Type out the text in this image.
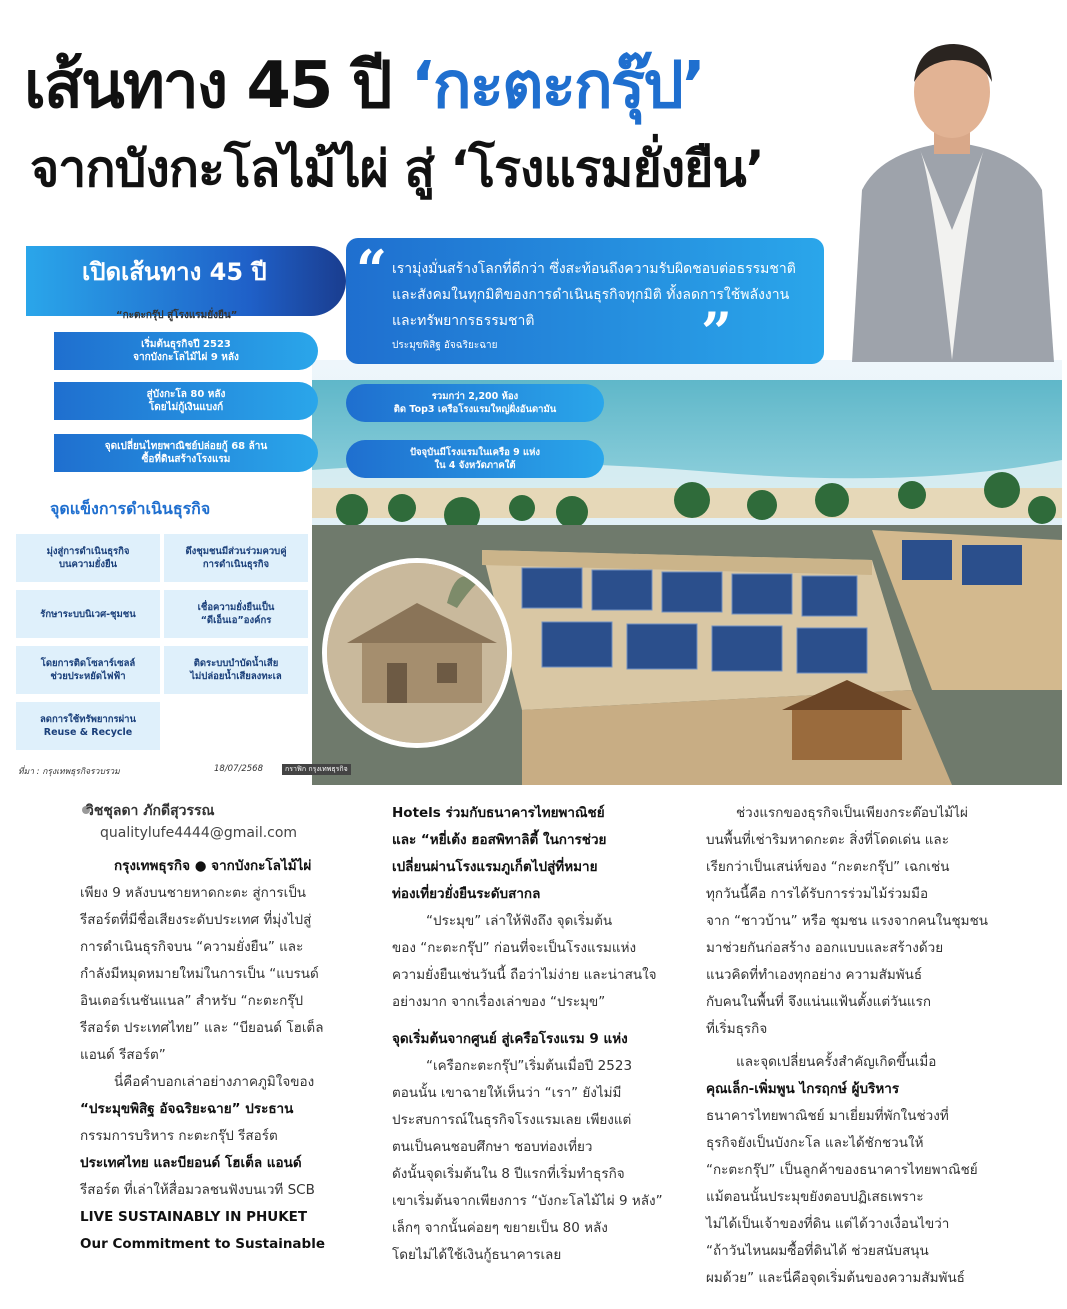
เส้นทาง 45 ปี ‘กะตะกรุ๊ป’
จากบังกะโลไม้ไผ่ สู่ ‘โรงแรมยั่งยืน’
เปิดเส้นทาง 45 ปี
“กะตะกรุ๊ป สู่โรงแรมยั่งยืน”
เริ่มต้นธุรกิจปี 2523
จากบังกะโลไม้ไผ่ 9 หลัง
สู่บังกะโล 80 หลัง
โดยไม่กู้เงินแบงก์
จุดเปลี่ยนไทยพาณิชย์ปล่อยกู้ 68 ล้าน
ซื้อที่ดินสร้างโรงแรม
จุดแข็งการดำเนินธุรกิจ
มุ่งสู่การดำเนินธุรกิจ
บนความยั่งยืน
ดึงชุมชนมีส่วนร่วมควบคู่
การดำเนินธุรกิจ
รักษาระบบนิเวศ-ชุมชน
เชื่อความยั่งยืนเป็น
“ดีเอ็นเอ”องค์กร
โดยการติดโซลาร์เซลล์
ช่วยประหยัดไฟฟ้า
ติดระบบบำบัดน้ำเสีย
ไม่ปล่อยน้ำเสียลงทะเล
ลดการใช้ทรัพยากรผ่าน
Reuse & Recycle
“ เรามุ่งมั่นสร้างโลกที่ดีกว่า ซึ่งสะท้อนถึงความรับผิดชอบต่อธรรมชาติและสังคมในทุกมิติของการดำเนินธุรกิจทุกมิติ ทั้งลดการใช้พลังงานและทรัพยากรธรรมชาติ
ประมุขพิสิฐ อัจฉริยะฉาย	”
รวมกว่า 2,200 ห้อง
ติด Top3 เครือโรงแรมใหญ่ฝั่งอันดามัน
ปัจจุบันมีโรงแรมในเครือ 9 แห่ง
ใน 4 จังหวัดภาคใต้
ที่มา : กรุงเทพธุรกิจรวบรวม	18/07/2568	กราฟิก กรุงเทพธุรกิจ
วิชชุลดา ภักดีสุวรรณ
qualitylufe4444@gmail.com
กรุงเทพธุรกิจ ● จากบังกะโลไม้ไผ่
เพียง 9 หลังบนชายหาดกะตะ สู่การเป็น
รีสอร์ตที่มีชื่อเสียงระดับประเทศ ที่มุ่งไปสู่
การดำเนินธุรกิจบน “ความยั่งยืน” และ
กำลังมีหมุดหมายใหม่ในการเป็น “แบรนด์
อินเตอร์เนชันแนล” สำหรับ “กะตะกรุ๊ป
รีสอร์ต ประเทศไทย” และ “บียอนด์ โฮเต็ล
แอนด์ รีสอร์ต”
นี่คือคำบอกเล่าอย่างภาคภูมิใจของ
“ประมุขพิสิฐ อัจฉริยะฉาย” ประธาน
กรรมการบริหาร กะตะกรุ๊ป รีสอร์ต
ประเทศไทย และบียอนด์ โฮเต็ล แอนด์
รีสอร์ต ที่เล่าให้สื่อมวลชนฟังบนเวที SCB
LIVE SUSTAINABLY IN PHUKET
Our Commitment to Sustainable
Hotels ร่วมกับธนาคารไทยพาณิชย์
และ “หยี่เต้ง ฮอสพิทาลิตี้ ในการช่วย
เปลี่ยนผ่านโรงแรมภูเก็ตไปสู่ที่หมาย
ท่องเที่ยวยั่งยืนระดับสากล
“ประมุข” เล่าให้ฟังถึง จุดเริ่มต้น
ของ “กะตะกรุ๊ป” ก่อนที่จะเป็นโรงแรมแห่ง
ความยั่งยืนเช่นวันนี้ ถือว่าไม่ง่าย และน่าสนใจ
อย่างมาก จากเรื่องเล่าของ “ประมุข”
จุดเริ่มต้นจากศูนย์ สู่เครือโรงแรม 9 แห่ง
“เครือกะตะกรุ๊ป”เริ่มต้นเมื่อปี 2523
ตอนนั้น เขาฉายให้เห็นว่า “เรา” ยังไม่มี
ประสบการณ์ในธุรกิจโรงแรมเลย เพียงแต่
ตนเป็นคนชอบศึกษา ชอบท่องเที่ยว
ดังนั้นจุดเริ่มต้นใน 8 ปีแรกที่เริ่มทำธุรกิจ
เขาเริ่มต้นจากเพียงการ “บังกะโลไม้ไผ่ 9 หลัง”
เล็กๆ จากนั้นค่อยๆ ขยายเป็น 80 หลัง
โดยไม่ได้ใช้เงินกู้ธนาคารเลย
ช่วงแรกของธุรกิจเป็นเพียงกระต๊อบไม้ไผ่
บนพื้นที่เช่าริมหาดกะตะ สิ่งที่โดดเด่น และ
เรียกว่าเป็นเสน่ห์ของ “กะตะกรุ๊ป” เฉกเช่น
ทุกวันนี้คือ การได้รับการร่วมไม้ร่วมมือ
จาก “ชาวบ้าน” หรือ ชุมชน แรงจากคนในชุมชน
มาช่วยกันก่อสร้าง ออกแบบและสร้างด้วย
แนวคิดที่ทำเองทุกอย่าง ความสัมพันธ์
กับคนในพื้นที่ จึงแน่นแฟ้นตั้งแต่วันแรก
ที่เริ่มธุรกิจ
และจุดเปลี่ยนครั้งสำคัญเกิดขึ้นเมื่อ
คุณเล็ก-เพิ่มพูน ไกรฤกษ์ ผู้บริหาร
ธนาคารไทยพาณิชย์ มาเยี่ยมที่พักในช่วงที่
ธุรกิจยังเป็นบังกะโล และได้ชักชวนให้
“กะตะกรุ๊ป” เป็นลูกค้าของธนาคารไทยพาณิชย์
แม้ตอนนั้นประมุขยังตอบปฏิเสธเพราะ
ไม่ได้เป็นเจ้าของที่ดิน แต่ได้วางเงื่อนไขว่า
“ถ้าวันไหนผมซื้อที่ดินได้ ช่วยสนับสนุน
ผมด้วย” และนี่คือจุดเริ่มต้นของความสัมพันธ์
